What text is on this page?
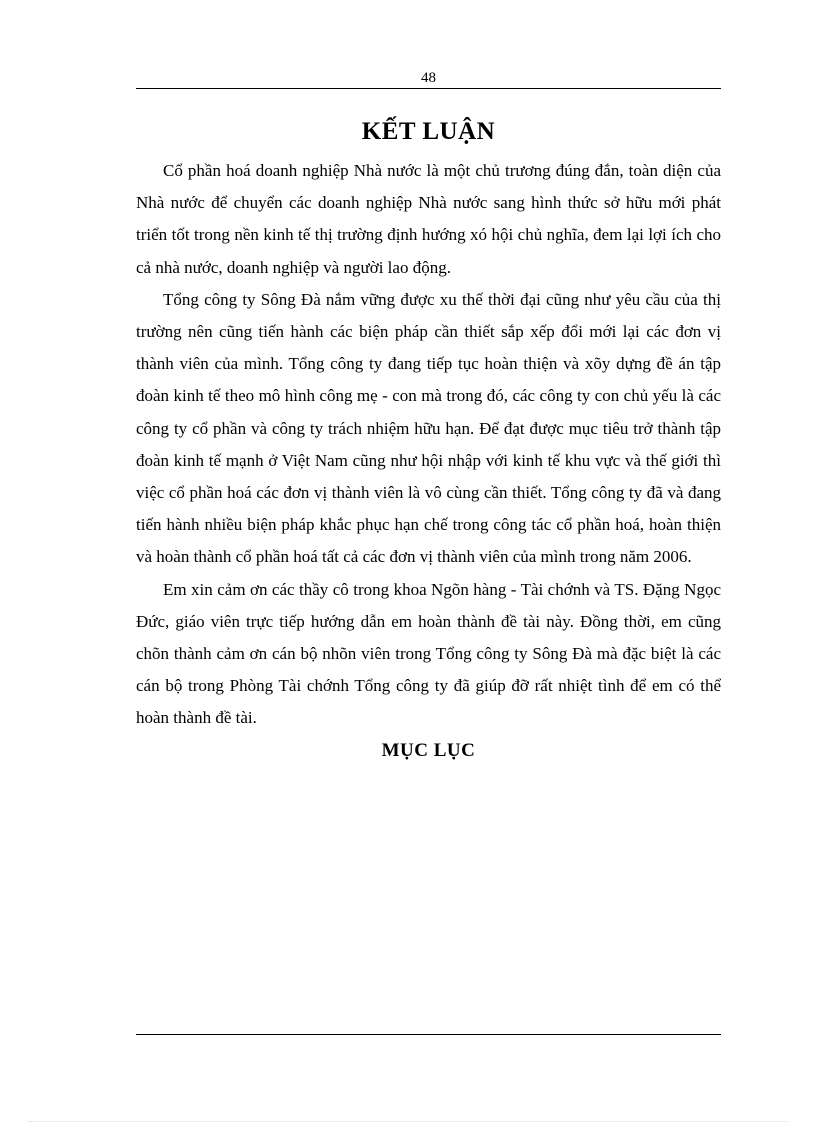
48
KẾT LUẬN

Cổ phần hoá doanh nghiệp Nhà nước là một chủ trương đúng đắn, toàn diện của Nhà nước để chuyển các doanh nghiệp Nhà nước sang hình thức sở hữu mới phát triển tốt trong nền kinh tế thị trường định hướng xó hội chủ nghĩa, đem lại lợi ích cho cả nhà nước, doanh nghiệp và người lao động.

Tổng công ty Sông Đà nắm vững được xu thế thời đại cũng như yêu cầu của thị trường nên cũng tiến hành các biện pháp cần thiết sắp xếp đổi mới lại các đơn vị thành viên của mình. Tổng công ty đang tiếp tục hoàn thiện và xõy dựng đề án tập đoàn kinh tế theo mô hình công mẹ - con mà trong đó, các công ty con chủ yếu là các công ty cổ phần và công ty trách nhiệm hữu hạn. Để đạt được mục tiêu trở thành tập đoàn kinh tế mạnh ở Việt Nam cũng như hội nhập với kinh tế khu vực và thế giới thì việc cổ phần hoá các đơn vị thành viên là vô cùng cần thiết. Tổng công ty đã và đang tiến hành nhiều biện pháp khắc phục hạn chế trong công tác cổ phần hoá, hoàn thiện và hoàn thành cổ phần hoá tất cả các đơn vị thành viên của mình trong năm 2006.

Em xin cảm ơn các thầy cô trong khoa Ngõn hàng - Tài chớnh và TS. Đặng Ngọc Đức, giáo viên trực tiếp hướng dẫn em hoàn thành đề tài này. Đồng thời, em cũng chõn thành cảm ơn cán bộ nhõn viên trong Tổng công ty Sông Đà mà đặc biệt là các cán bộ trong Phòng Tài chớnh Tổng công ty đã giúp đỡ rất nhiệt tình để em có thể hoàn thành đề tài.

MỤC LỤC
